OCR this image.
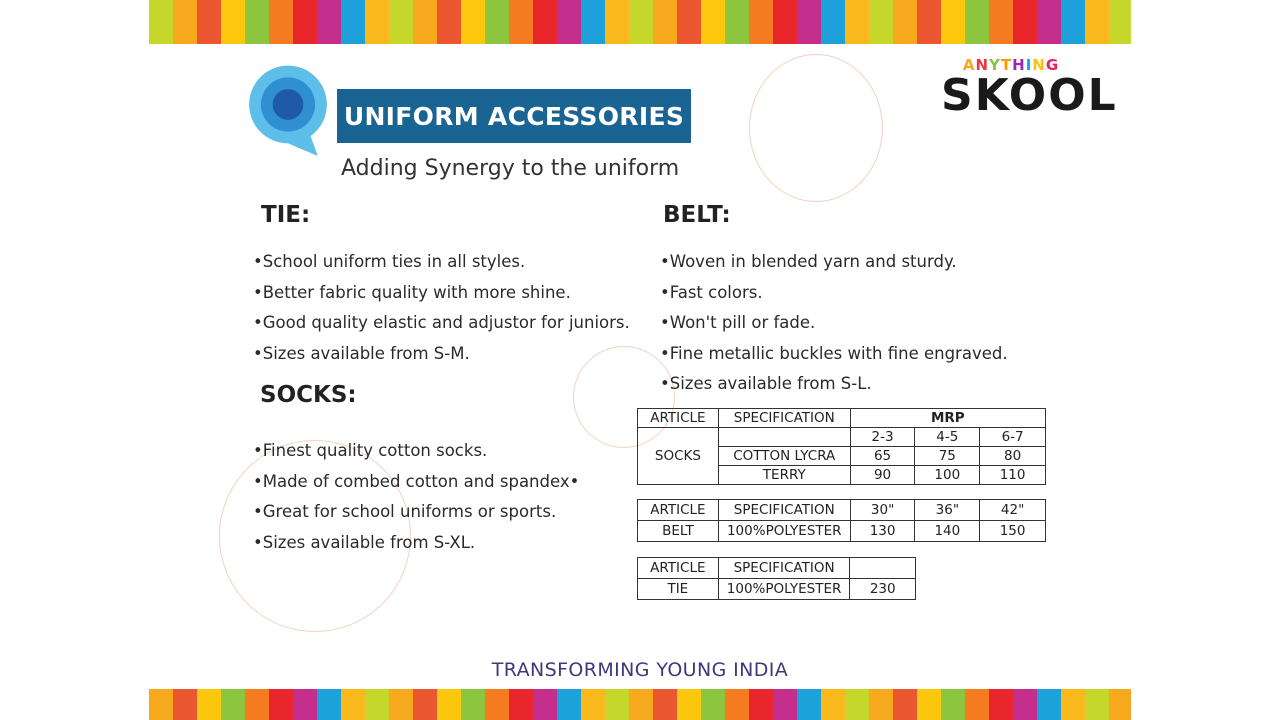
UNIFORM ACCESSORIES
Adding Synergy to the uniform
ANYTHING
SKOOL
TIE:
•School uniform ties in all styles.
•Better fabric quality with more shine.
•Good quality elastic and adjustor for juniors.
•Sizes available from S-M.
SOCKS:
•Finest quality cotton socks.
•Made of combed cotton and spandex•
•Great for school uniforms or sports.
•Sizes available from S-XL.
BELT:
•Woven in blended yarn and sturdy.
•Fast colors.
•Won't pill or fade.
•Fine metallic buckles with fine engraved.
•Sizes available from S-L.
ARTICLE	SPECIFICATION	MRP		
		2-3	4-5	6-7
SOCKS	COTTON LYCRA	65	75	80
	TERRY	90	100	110
ARTICLE	SPECIFICATION	30"	36"	42"
BELT	100%POLYESTER	130	140	150
ARTICLE	SPECIFICATION	
TIE	100%POLYESTER	230
TRANSFORMING YOUNG INDIA
